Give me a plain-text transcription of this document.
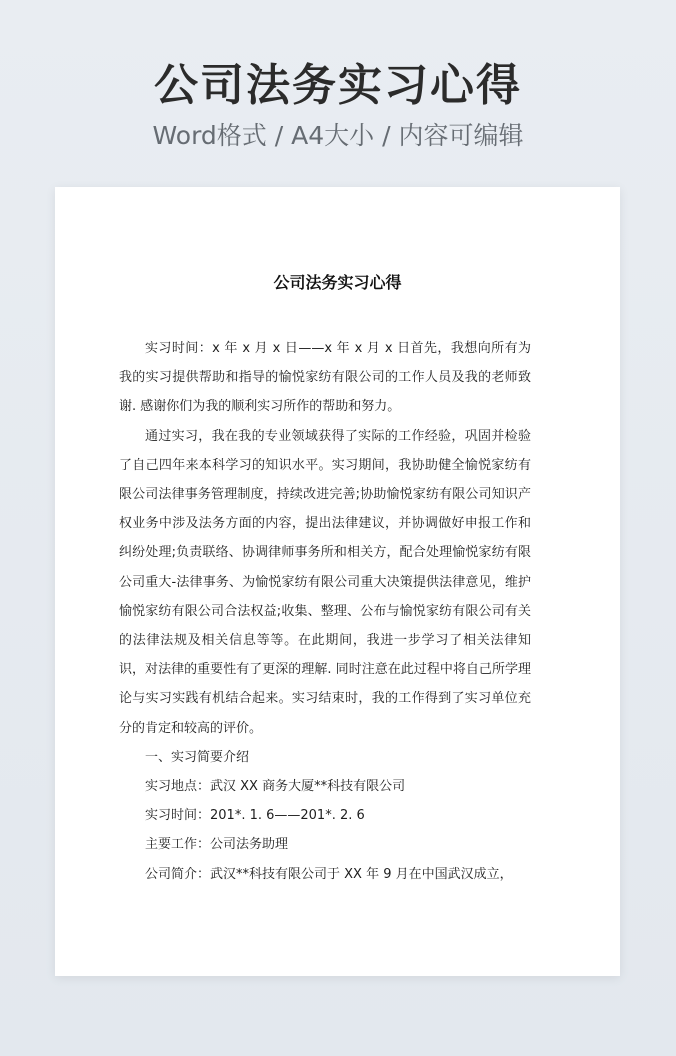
公司法务实习心得
Word格式 / A4大小 / 内容可编辑
公司法务实习心得

实习时间：x 年 x 月 x 日——x 年 x 月 x 日首先，我想向所有为我的实习提供帮助和指导的愉悦家纺有限公司的工作人员及我的老师致谢. 感谢你们为我的顺利实习所作的帮助和努力。

通过实习，我在我的专业领域获得了实际的工作经验，巩固并检验了自己四年来本科学习的知识水平。实习期间，我协助健全愉悦家纺有限公司法律事务管理制度，持续改进完善;协助愉悦家纺有限公司知识产权业务中涉及法务方面的内容，提出法律建议，并协调做好申报工作和纠纷处理;负责联络、协调律师事务所和相关方，配合处理愉悦家纺有限公司重大-法律事务、为愉悦家纺有限公司重大决策提供法律意见，维护愉悦家纺有限公司合法权益;收集、整理、公布与愉悦家纺有限公司有关的法律法规及相关信息等等。在此期间，我进一步学习了相关法律知识，对法律的重要性有了更深的理解. 同时注意在此过程中将自己所学理论与实习实践有机结合起来。实习结束时，我的工作得到了实习单位充分的肯定和较高的评价。

一、实习简要介绍
实习地点：武汉 XX 商务大厦**科技有限公司
实习时间：201*. 1. 6——201*. 2. 6
主要工作：公司法务助理
公司简介：武汉**科技有限公司于 XX 年 9 月在中国武汉成立，
